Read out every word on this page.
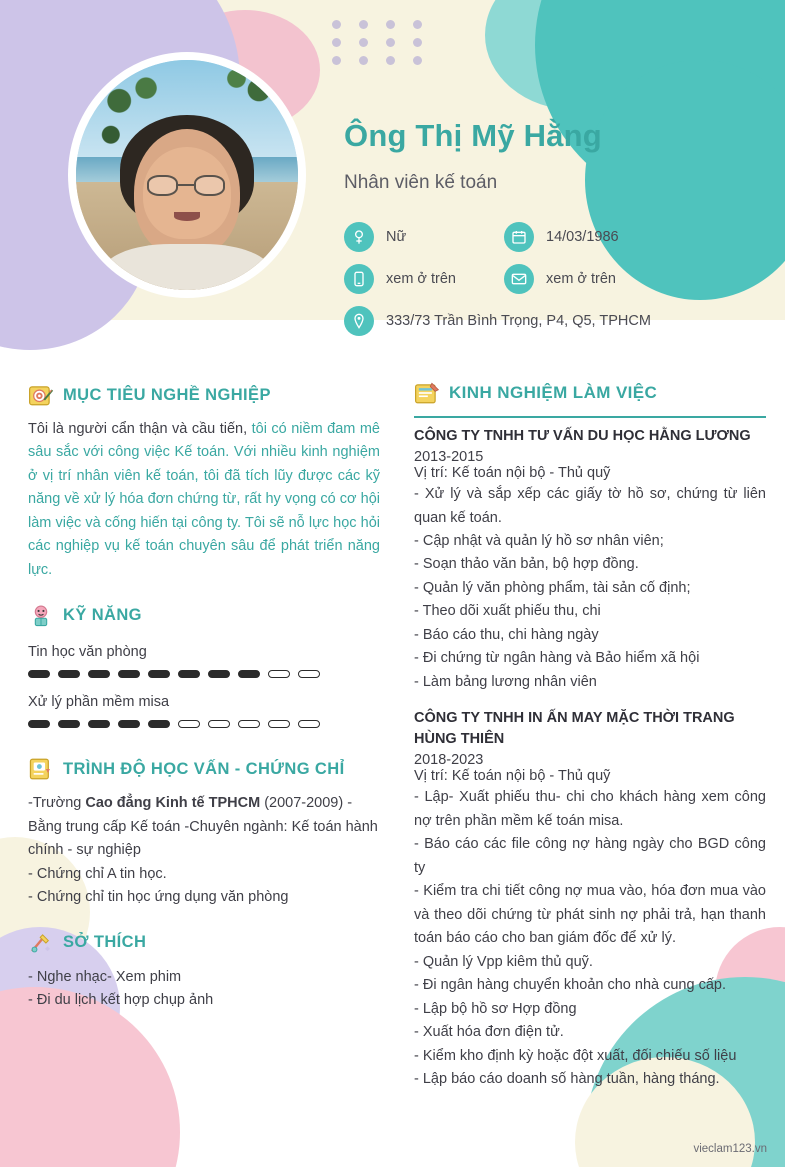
Ông Thị Mỹ Hằng
Nhân viên kế toán
Nữ	14/03/1986
xem ở trên	xem ở trên
333/73 Trần Bình Trọng, P4, Q5, TPHCM
MỤC TIÊU NGHỀ NGHIỆP

Tôi là người cẩn thận và cầu tiến, tôi có niềm đam mê sâu sắc với công việc Kế toán. Với nhiều kinh nghiệm ở vị trí nhân viên kế toán, tôi đã tích lũy được các kỹ năng về xử lý hóa đơn chứng từ, rất hy vọng có cơ hội làm việc và cống hiến tại công ty. Tôi sẽ nỗ lực học hỏi các nghiệp vụ kế toán chuyên sâu để phát triển năng lực.

KỸ NĂNG
Tin học văn phòng
Xử lý phần mềm misa
TRÌNH ĐỘ HỌC VẤN - CHỨNG CHỈ
-Trường Cao đẳng Kinh tế TPHCM (2007-2009) - Bằng trung cấp Kế toán -Chuyên ngành: Kế toán hành chính - sự nghiệp
- Chứng chỉ A tin học.
- Chứng chỉ tin học ứng dụng văn phòng
SỞ THÍCH
- Nghe nhạc- Xem phim
- Đi du lịch kết hợp chụp ảnh
KINH NGHIỆM LÀM VIỆC
CÔNG TY TNHH TƯ VẤN DU HỌC HẰNG LƯƠNG
2013-2015
Vị trí: Kế toán nội bộ - Thủ quỹ
- Xử lý và sắp xếp các giấy tờ hồ sơ, chứng từ liên quan kế toán.
- Cập nhật và quản lý hồ sơ nhân viên;
- Soạn thảo văn bản, bộ hợp đồng.
- Quản lý văn phòng phẩm, tài sản cố định;
- Theo dõi xuất phiếu thu, chi
- Báo cáo thu, chi hàng ngày
- Đi chứng từ ngân hàng và Bảo hiểm xã hội
- Làm bảng lương nhân viên
CÔNG TY TNHH IN ẤN MAY MẶC THỜI TRANG HÙNG THIÊN
2018-2023
Vị trí: Kế toán nội bộ - Thủ quỹ
- Lập- Xuất phiếu thu- chi cho khách hàng xem công nợ trên phần mềm kế toán misa.
- Báo cáo các file công nợ hàng ngày cho BGD công ty
- Kiểm tra chi tiết công nợ mua vào, hóa đơn mua vào và theo dõi chứng từ phát sinh nợ phải trả, hạn thanh toán báo cáo cho ban giám đốc để xử lý.
- Quản lý Vpp kiêm thủ quỹ.
- Đi ngân hàng chuyển khoản cho nhà cung cấp.
- Lập bộ hồ sơ Hợp đồng
- Xuất hóa đơn điện tử.
- Kiểm kho định kỳ hoặc đột xuất, đối chiếu số liệu
- Lập báo cáo doanh số hàng tuần, hàng tháng.
vieclam123.vn
